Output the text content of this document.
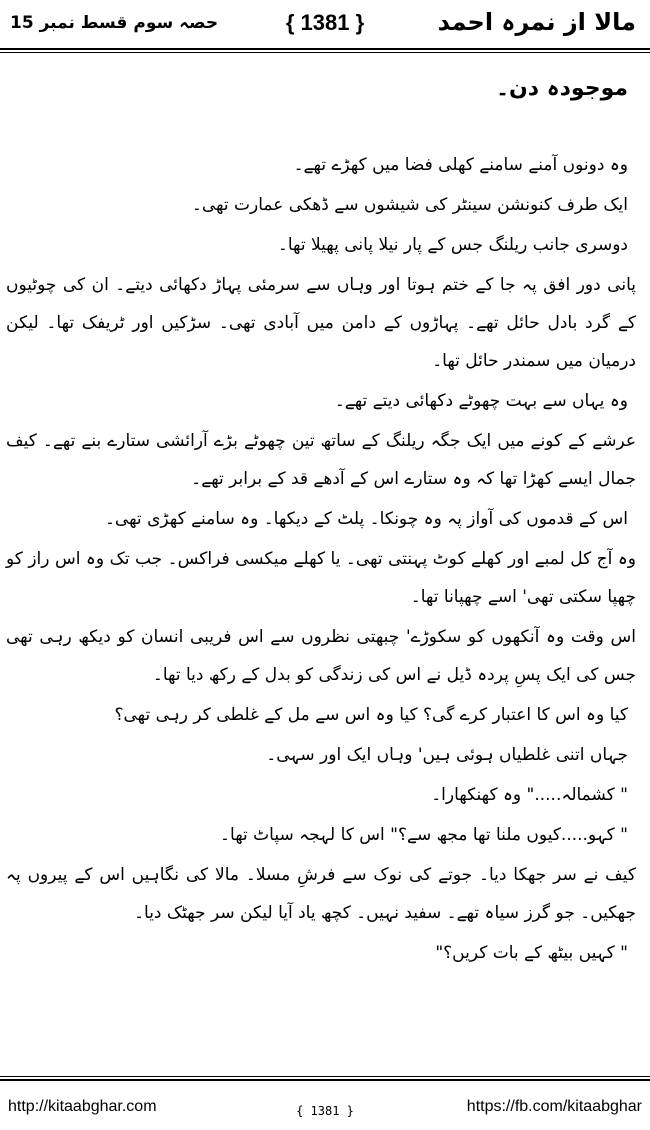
مالا از نمرہ احمد
{ 1381 }
حصہ سوم قسط نمبر 15
موجودہ دن۔
وہ دونوں آمنے سامنے کھلی فضا میں کھڑے تھے۔
ایک طرف کنونشن سینٹر کی شیشوں سے ڈھکی عمارت تھی۔
دوسری جانب ریلنگ جس کے پار نیلا پانی پھیلا تھا۔
پانی دور افق پہ جا کے ختم ہوتا اور وہاں سے سرمئی پہاڑ دکھائی دیتے۔ ان کی چوٹیوں کے گرد بادل حائل تھے۔ پہاڑوں کے دامن میں آبادی تھی۔ سڑکیں اور ٹریفک تھا۔ لیکن درمیان میں سمندر حائل تھا۔
وہ یہاں سے بہت چھوٹے دکھائی دیتے تھے۔
عرشے کے کونے میں ایک جگہ ریلنگ کے ساتھ تین چھوٹے بڑے آرائشی ستارے بنے تھے۔ کیف جمال ایسے کھڑا تھا کہ وہ ستارے اس کے آدھے قد کے برابر تھے۔
اس کے قدموں کی آواز پہ وہ چونکا۔ پلٹ کے دیکھا۔ وہ سامنے کھڑی تھی۔
وہ آج کل لمبے اور کھلے کوٹ پہنتی تھی۔ یا کھلے میکسی فراکس۔ جب تک وہ اس راز کو چھپا سکتی تھی' اسے چھپانا تھا۔
اس وقت وہ آنکھوں کو سکوڑے' چبھتی نظروں سے اس فریبی انسان کو دیکھ رہی تھی جس کی ایک پسِ پردہ ڈیل نے اس کی زندگی کو بدل کے رکھ دیا تھا۔
کیا وہ اس کا اعتبار کرے گی؟ کیا وہ اس سے مل کے غلطی کر رہی تھی؟
جہاں اتنی غلطیاں ہوئی ہیں' وہاں ایک اور سہی۔
" کشمالہ....." وہ کھنکھارا۔
" کہو.....کیوں ملنا تھا مجھ سے؟" اس کا لہجہ سپاٹ تھا۔
کیف نے سر جھکا دیا۔ جوتے کی نوک سے فرشِ مسلا۔ مالا کی نگاہیں اس کے پیروں پہ جھکیں۔ جو گرز سیاہ تھے۔ سفید نہیں۔ کچھ یاد آیا لیکن سر جھٹک دیا۔
" کہیں بیٹھ کے بات کریں؟"
http://kitaabghar.com	{ 1381 }	https://fb.com/kitaabghar
